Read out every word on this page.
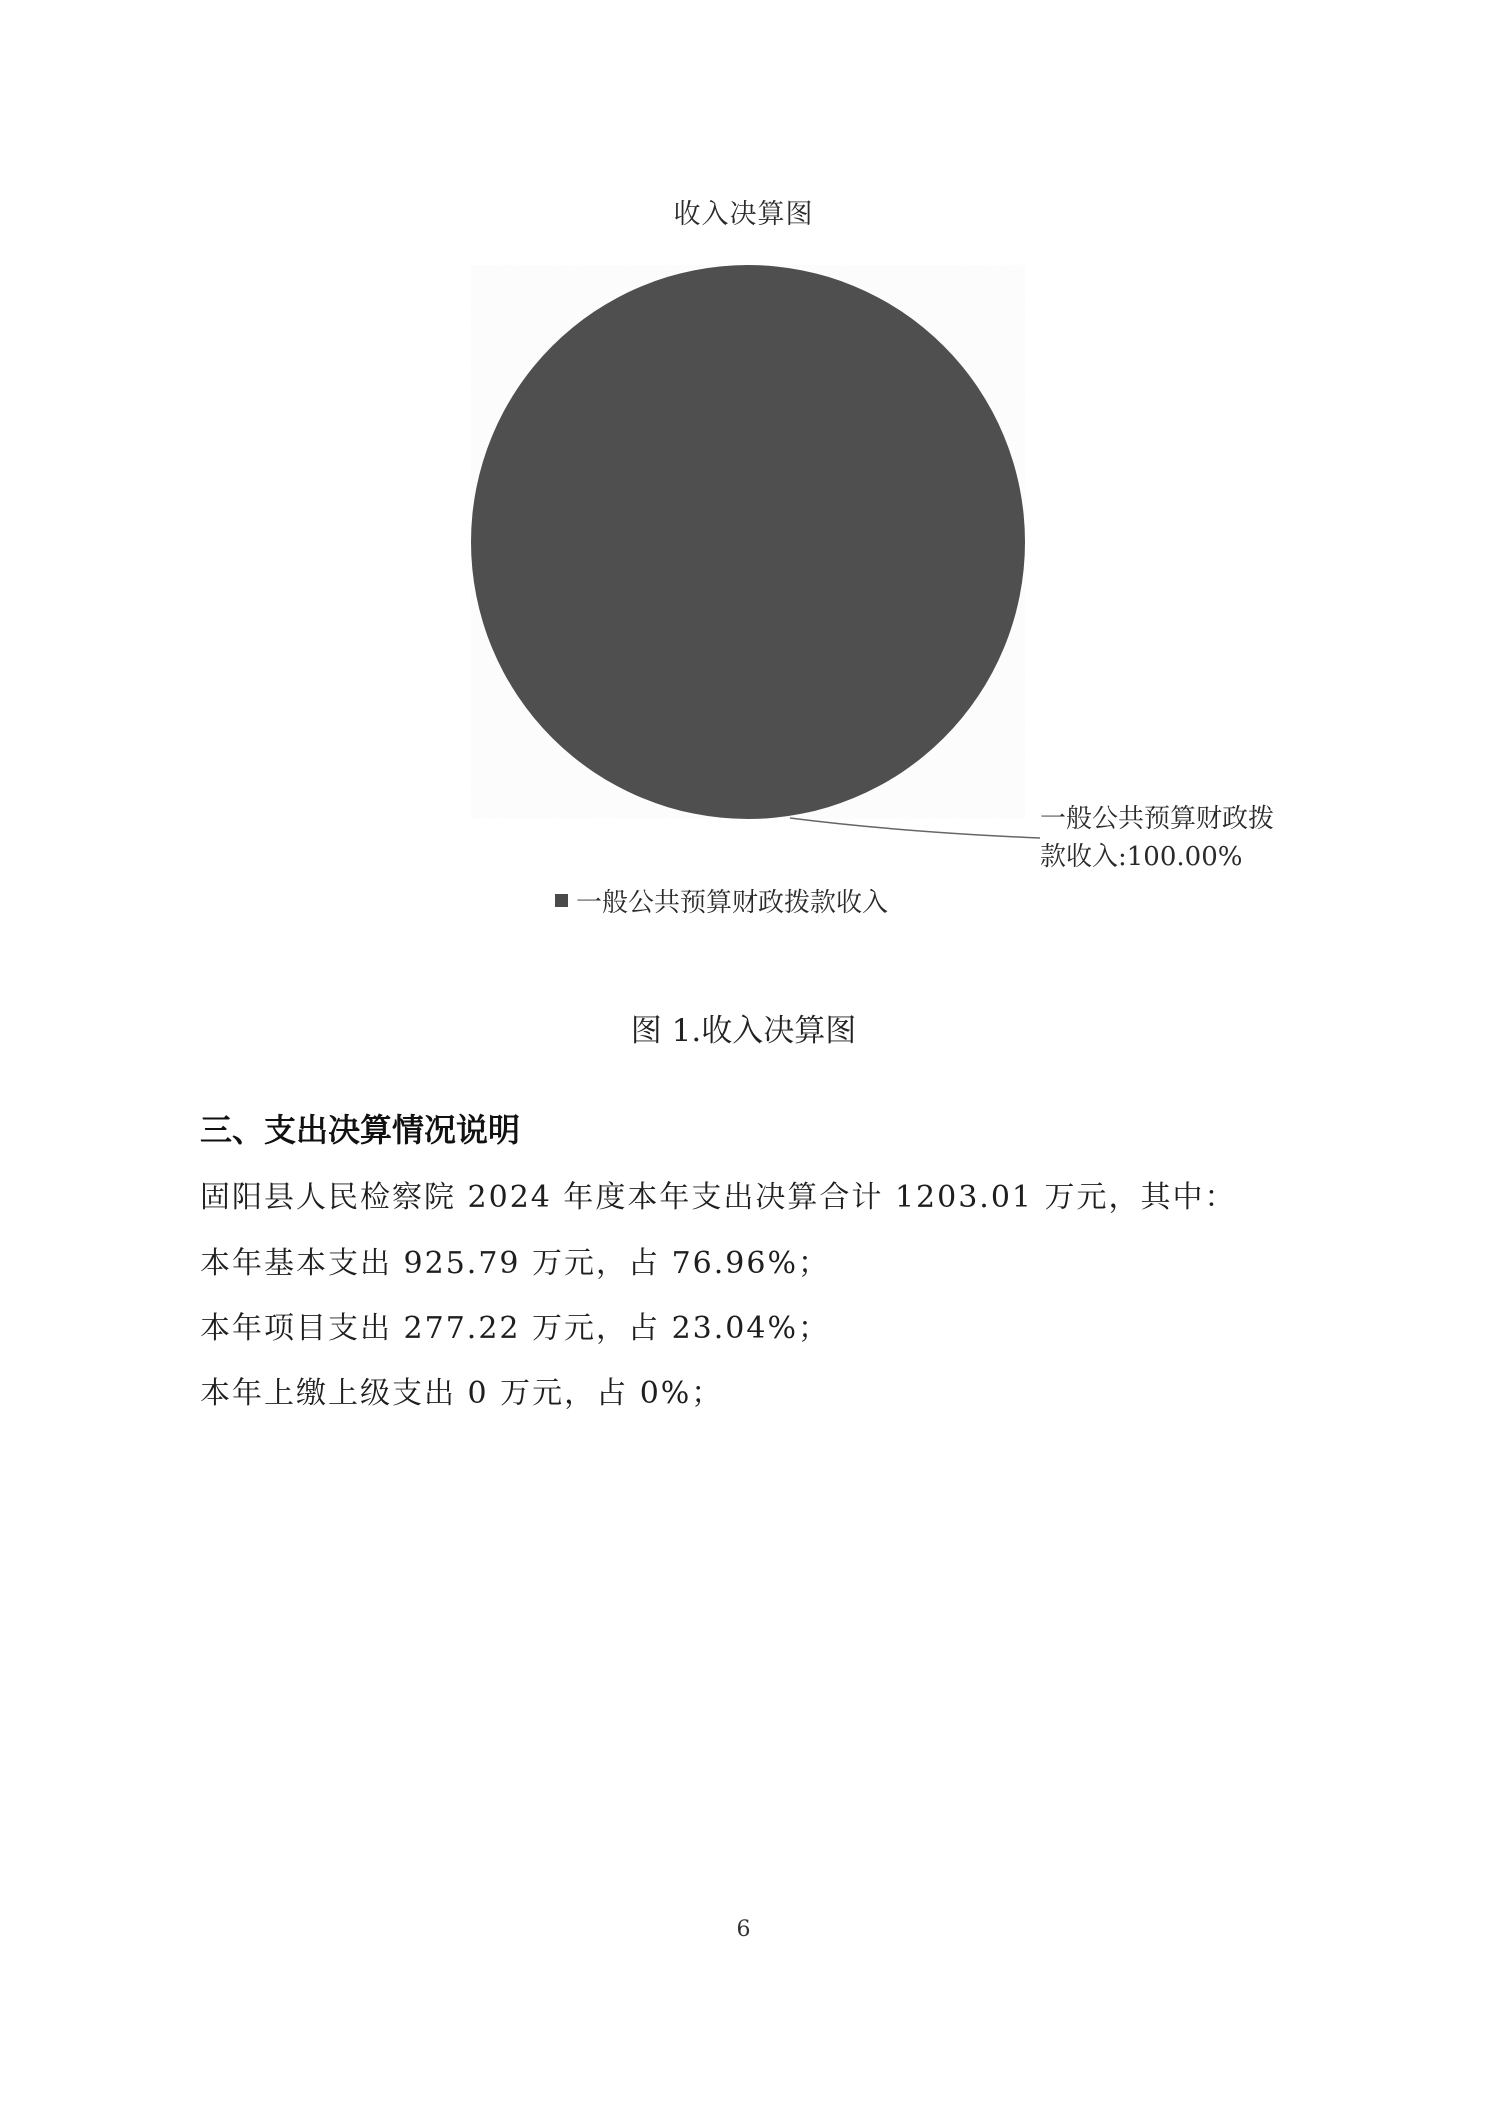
收入决算图
一般公共预算财政拨
款收入:100.00%
一般公共预算财政拨款收入
图 1.收入决算图
三、支出决算情况说明
固阳县人民检察院 2024 年度本年支出决算合计 1203.01 万元，其中：
本年基本支出 925.79 万元，占 76.96%；
本年项目支出 277.22 万元，占 23.04%；
本年上缴上级支出 0 万元，占 0%；
6
